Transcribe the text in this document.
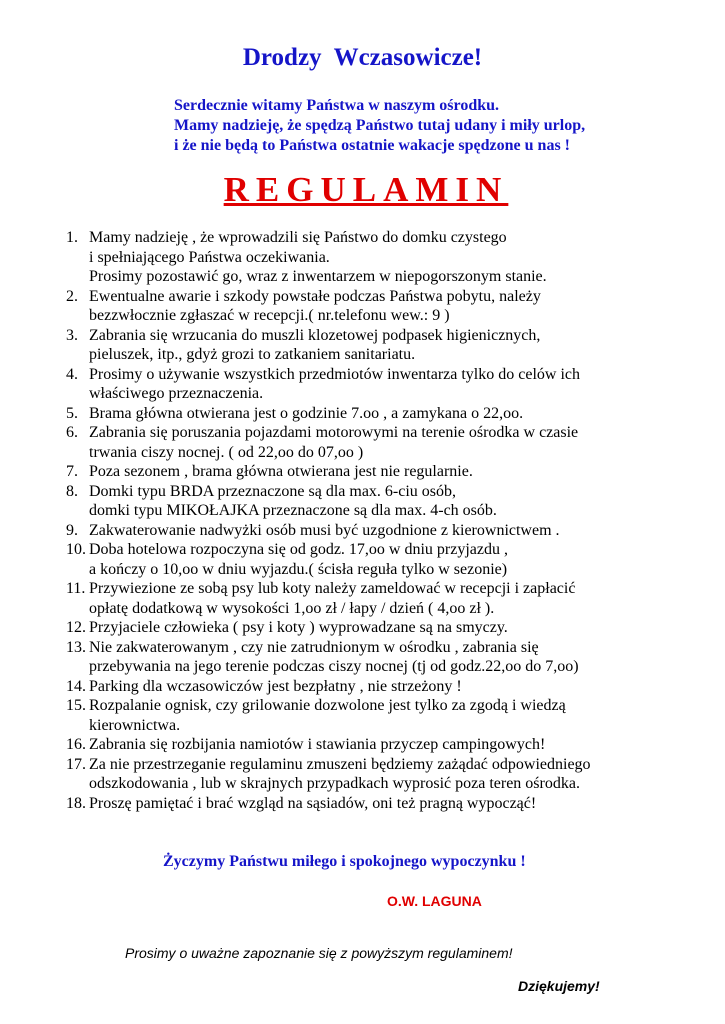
Drodzy  Wczasowicze!
Serdecznie witamy Państwa w naszym ośrodku.
Mamy nadzieję, że spędzą Państwo tutaj udany i miły urlop,
i że nie będą to Państwa ostatnie wakacje spędzone u nas !
REGULAMIN
1. Mamy nadzieję , że wprowadzili się Państwo do domku czystego
i spełniającego Państwa oczekiwania.
Prosimy pozostawić go, wraz z inwentarzem w niepogorszonym stanie.
2. Ewentualne awarie i szkody powstałe podczas Państwa pobytu, należy
bezzwłocznie zgłaszać w recepcji.( nr.telefonu wew.: 9 )
3. Zabrania się wrzucania do muszli klozetowej podpasek higienicznych,
pieluszek, itp., gdyż grozi to zatkaniem sanitariatu.
4. Prosimy o używanie wszystkich przedmiotów inwentarza tylko do celów ich
właściwego przeznaczenia.
5. Brama główna otwierana jest o godzinie 7.oo , a zamykana o 22,oo.
6. Zabrania się poruszania pojazdami motorowymi na terenie ośrodka w czasie
trwania ciszy nocnej. ( od 22,oo do 07,oo )
7. Poza sezonem , brama główna otwierana jest nie regularnie.
8. Domki typu BRDA przeznaczone są dla max. 6-ciu osób,
domki typu MIKOŁAJKA przeznaczone są dla max. 4-ch osób.
9. Zakwaterowanie nadwyżki osób musi być uzgodnione z kierownictwem .
10. Doba hotelowa rozpoczyna się od godz. 17,oo w dniu przyjazdu ,
a kończy o 10,oo w dniu wyjazdu.( ścisła reguła tylko w sezonie)
11. Przywiezione ze sobą psy lub koty należy zameldować w recepcji i zapłacić
opłatę dodatkową w wysokości 1,oo zł / łapy / dzień ( 4,oo zł ).
12. Przyjaciele człowieka ( psy i koty ) wyprowadzane są na smyczy.
13. Nie zakwaterowanym , czy nie zatrudnionym w ośrodku , zabrania się
przebywania na jego terenie podczas ciszy nocnej (tj od godz.22,oo do 7,oo)
14. Parking dla wczasowiczów jest bezpłatny , nie strzeżony !
15. Rozpalanie ognisk, czy grilowanie dozwolone jest tylko za zgodą i wiedzą
kierownictwa.
16. Zabrania się rozbijania namiotów i stawiania przyczep campingowych!
17. Za nie przestrzeganie regulaminu zmuszeni będziemy zażądać odpowiedniego
odszkodowania , lub w skrajnych przypadkach wyprosić poza teren ośrodka.
18. Proszę pamiętać i brać wzgląd na sąsiadów, oni też pragną wypocząć!
Życzymy Państwu miłego i spokojnego wypoczynku !
O.W. LAGUNA
Prosimy o uważne zapoznanie się z powyższym regulaminem!
Dziękujemy!
